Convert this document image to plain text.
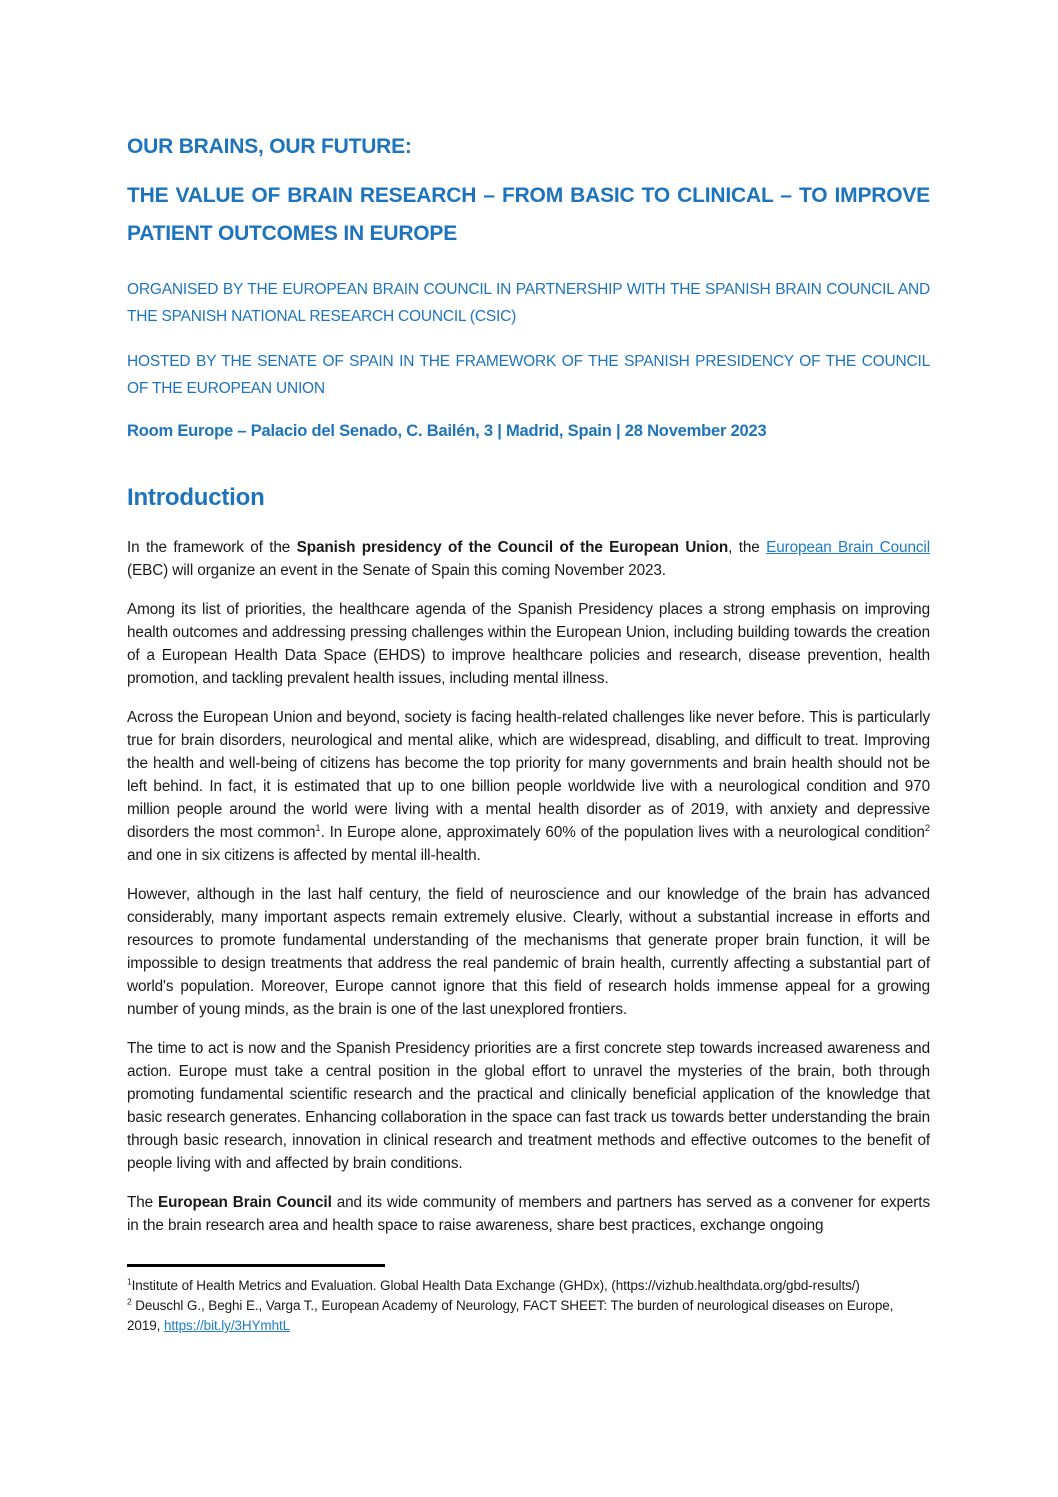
OUR BRAINS, OUR FUTURE:
THE VALUE OF BRAIN RESEARCH – FROM BASIC TO CLINICAL – TO IMPROVE PATIENT OUTCOMES IN EUROPE

ORGANISED BY THE EUROPEAN BRAIN COUNCIL IN PARTNERSHIP WITH THE SPANISH BRAIN COUNCIL AND THE SPANISH NATIONAL RESEARCH COUNCIL (CSIC)

HOSTED BY THE SENATE OF SPAIN IN THE FRAMEWORK OF THE SPANISH PRESIDENCY OF THE COUNCIL OF THE EUROPEAN UNION

Room Europe – Palacio del Senado, C. Bailén, 3 | Madrid, Spain | 28 November 2023

Introduction

In the framework of the Spanish presidency of the Council of the European Union, the European Brain Council (EBC) will organize an event in the Senate of Spain this coming November 2023.

Among its list of priorities, the healthcare agenda of the Spanish Presidency places a strong emphasis on improving health outcomes and addressing pressing challenges within the European Union, including building towards the creation of a European Health Data Space (EHDS) to improve healthcare policies and research, disease prevention, health promotion, and tackling prevalent health issues, including mental illness.

Across the European Union and beyond, society is facing health-related challenges like never before. This is particularly true for brain disorders, neurological and mental alike, which are widespread, disabling, and difficult to treat. Improving the health and well-being of citizens has become the top priority for many governments and brain health should not be left behind. In fact, it is estimated that up to one billion people worldwide live with a neurological condition and 970 million people around the world were living with a mental health disorder as of 2019, with anxiety and depressive disorders the most common$^1$. In Europe alone, approximately 60% of the population lives with a neurological condition$^2$ and one in six citizens is affected by mental ill-health.

However, although in the last half century, the field of neuroscience and our knowledge of the brain has advanced considerably, many important aspects remain extremely elusive. Clearly, without a substantial increase in efforts and resources to promote fundamental understanding of the mechanisms that generate proper brain function, it will be impossible to design treatments that address the real pandemic of brain health, currently affecting a substantial part of world's population. Moreover, Europe cannot ignore that this field of research holds immense appeal for a growing number of young minds, as the brain is one of the last unexplored frontiers.

The time to act is now and the Spanish Presidency priorities are a first concrete step towards increased awareness and action. Europe must take a central position in the global effort to unravel the mysteries of the brain, both through promoting fundamental scientific research and the practical and clinically beneficial application of the knowledge that basic research generates. Enhancing collaboration in the space can fast track us towards better understanding the brain through basic research, innovation in clinical research and treatment methods and effective outcomes to the benefit of people living with and affected by brain conditions.

The European Brain Council and its wide community of members and partners has served as a convener for experts in the brain research area and health space to raise awareness, share best practices, exchange ongoing

$^1$Institute of Health Metrics and Evaluation. Global Health Data Exchange (GHDx), (https://vizhub.healthdata.org/gbd-results/)

$^2$ Deuschl G., Beghi E., Varga T., European Academy of Neurology, FACT SHEET: The burden of neurological diseases on Europe, 2019, https://bit.ly/3HYmhtL
